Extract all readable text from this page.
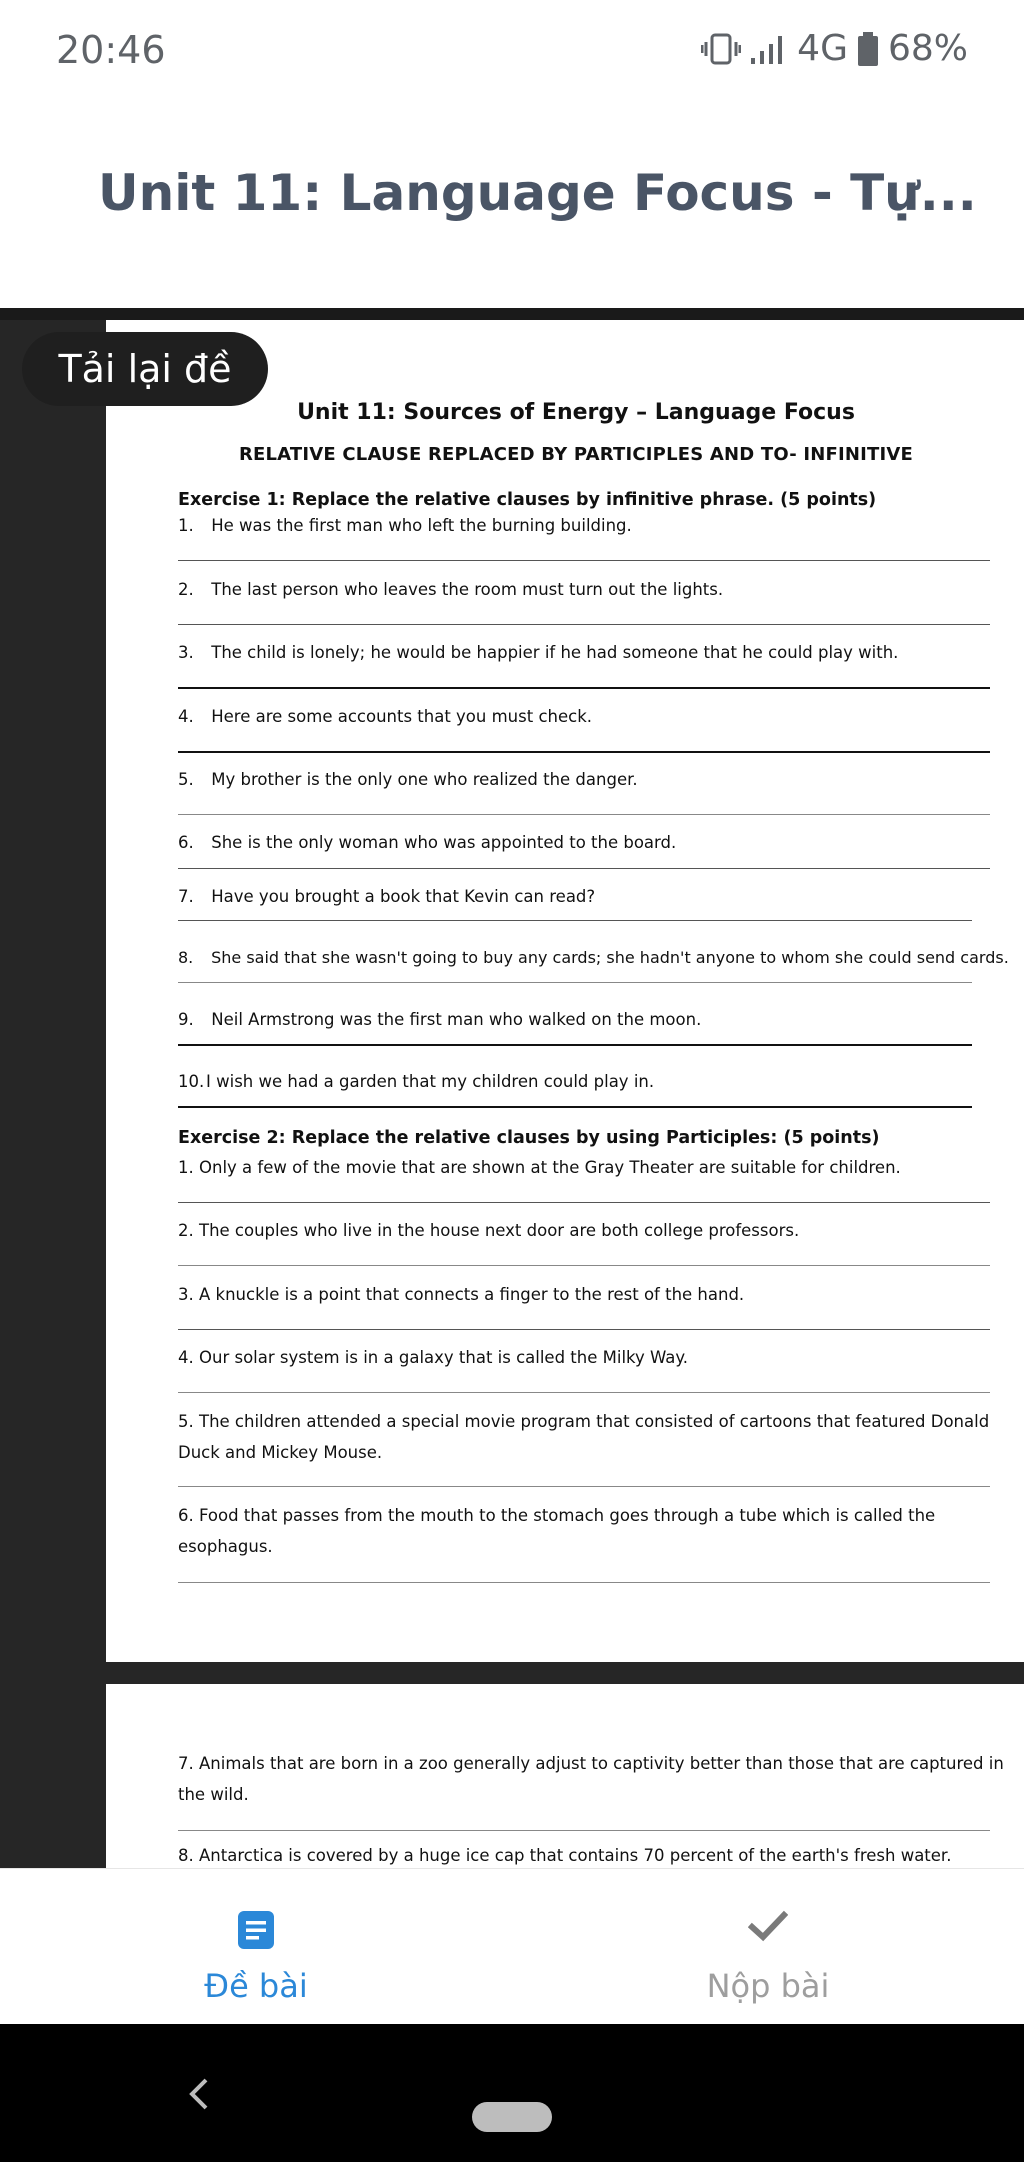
20:46	4G 68%
Unit 11: Language Focus - Tự...
Tải lại đề
Unit 11: Sources of Energy – Language Focus
RELATIVE CLAUSE REPLACED BY PARTICIPLES AND TO- INFINITIVE
Exercise 1: Replace the relative clauses by infinitive phrase. (5 points)
1. He was the first man who left the burning building.
2. The last person who leaves the room must turn out the lights.
3. The child is lonely; he would be happier if he had someone that he could play with.
4. Here are some accounts that you must check.
5. My brother is the only one who realized the danger.
6. She is the only woman who was appointed to the board.
7. Have you brought a book that Kevin can read?
8. She said that she wasn't going to buy any cards; she hadn't anyone to whom she could send cards.
9. Neil Armstrong was the first man who walked on the moon.
10. I wish we had a garden that my children could play in.
Exercise 2: Replace the relative clauses by using Participles: (5 points)
1. Only a few of the movie that are shown at the Gray Theater are suitable for children.
2. The couples who live in the house next door are both college professors.
3. A knuckle is a point that connects a finger to the rest of the hand.
4. Our solar system is in a galaxy that is called the Milky Way.
5. The children attended a special movie program that consisted of cartoons that featured Donald Duck and Mickey Mouse.
6. Food that passes from the mouth to the stomach goes through a tube which is called the esophagus.
7. Animals that are born in a zoo generally adjust to captivity better than those that are captured in the wild.
8. Antarctica is covered by a huge ice cap that contains 70 percent of the earth's fresh water.
Đề bài	Nộp bài
